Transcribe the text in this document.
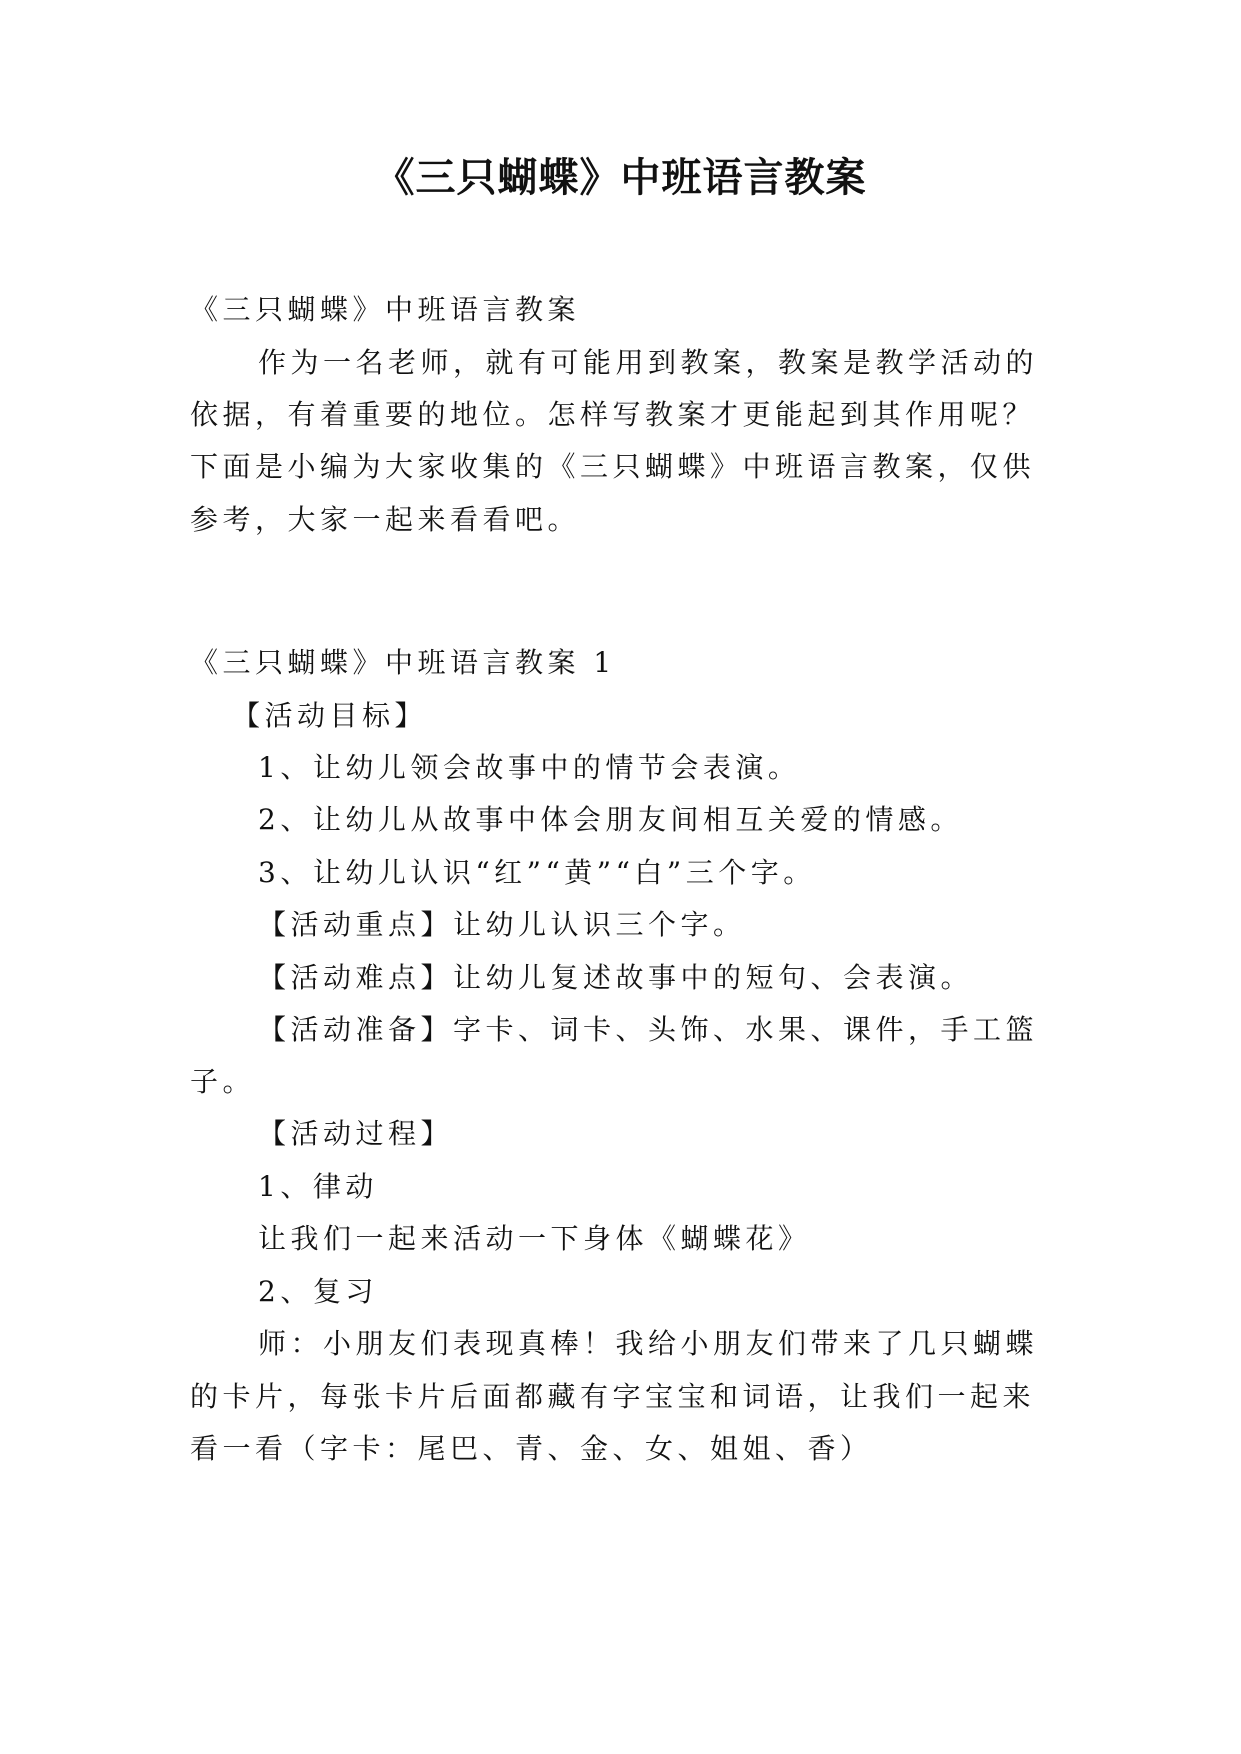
《三只蝴蝶》中班语言教案
《三只蝴蝶》中班语言教案
作为一名老师，就有可能用到教案，教案是教学活动的
依据，有着重要的地位。怎样写教案才更能起到其作用呢？
下面是小编为大家收集的《三只蝴蝶》中班语言教案，仅供
参考，大家一起来看看吧。
《三只蝴蝶》中班语言教案 1
【活动目标】
1、让幼儿领会故事中的情节会表演。
2、让幼儿从故事中体会朋友间相互关爱的情感。
3、让幼儿认识“红”“黄”“白”三个字。
【活动重点】让幼儿认识三个字。
【活动难点】让幼儿复述故事中的短句、会表演。
【活动准备】字卡、词卡、头饰、水果、课件，手工篮
子。
【活动过程】
1、律动
让我们一起来活动一下身体《蝴蝶花》
2、复习
师：小朋友们表现真棒！我给小朋友们带来了几只蝴蝶
的卡片，每张卡片后面都藏有字宝宝和词语，让我们一起来
看一看（字卡：尾巴、青、金、女、姐姐、香）
